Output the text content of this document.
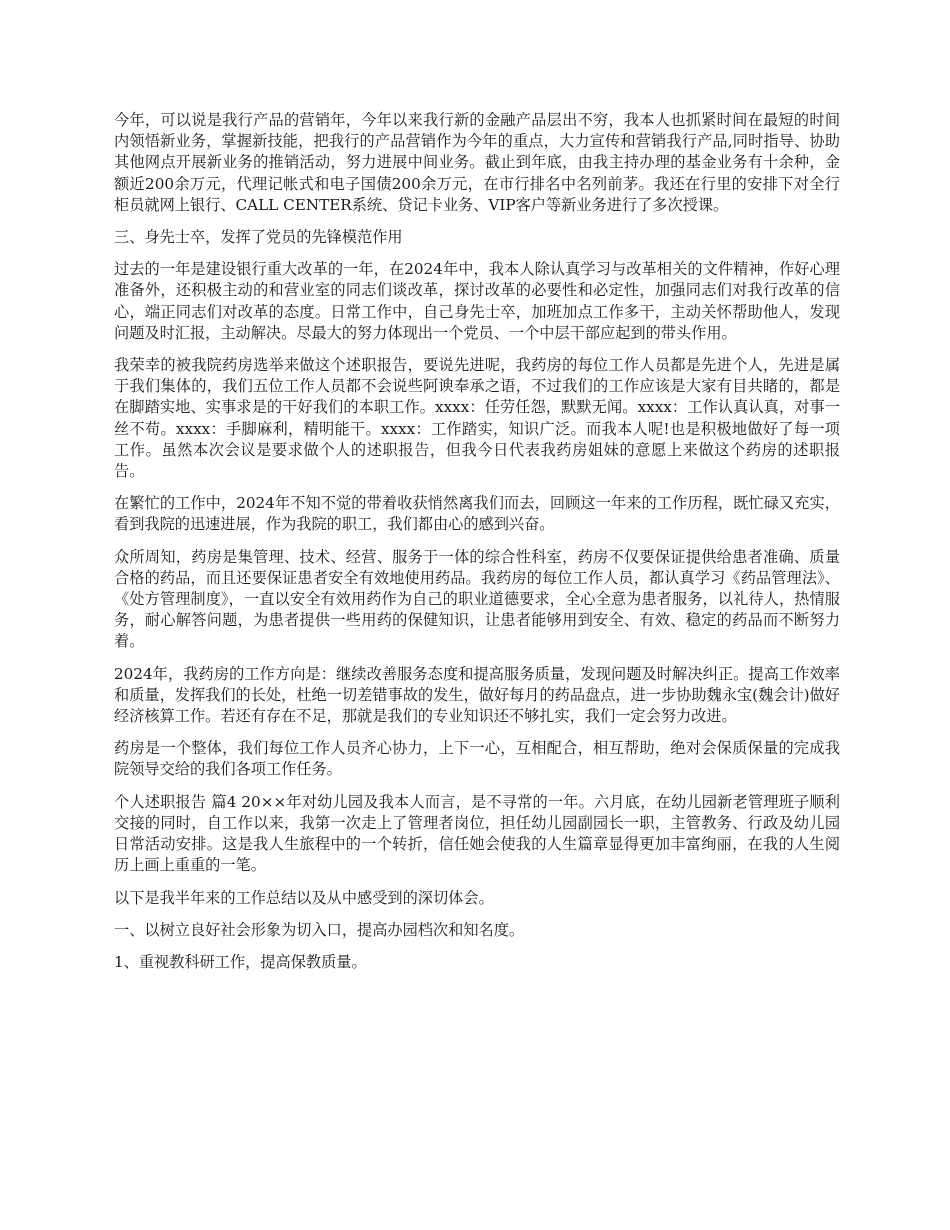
今年，可以说是我行产品的营销年，今年以来我行新的金融产品层出不穷，我本人也抓紧时间在最短的时间内领悟新业务，掌握新技能，把我行的产品营销作为今年的重点，大力宣传和营销我行产品,同时指导、协助其他网点开展新业务的推销活动，努力进展中间业务。截止到年底，由我主持办理的基金业务有十余种，金额近200余万元，代理记帐式和电子国债200余万元，在市行排名中名列前茅。我还在行里的安排下对全行柜员就网上银行、CALL CENTER系统、贷记卡业务、VIP客户等新业务进行了多次授课。

三、身先士卒，发挥了党员的先锋模范作用

过去的一年是建设银行重大改革的一年，在2024年中，我本人除认真学习与改革相关的文件精神，作好心理准备外，还积极主动的和营业室的同志们谈改革，探讨改革的必要性和必定性，加强同志们对我行改革的信心，端正同志们对改革的态度。日常工作中，自己身先士卒，加班加点工作多干，主动关怀帮助他人，发现问题及时汇报，主动解决。尽最大的努力体现出一个党员、一个中层干部应起到的带头作用。

我荣幸的被我院药房选举来做这个述职报告，要说先进呢，我药房的每位工作人员都是先进个人，先进是属于我们集体的，我们五位工作人员都不会说些阿谀奉承之语，不过我们的工作应该是大家有目共睹的，都是在脚踏实地、实事求是的干好我们的本职工作。xxxx：任劳任怨，默默无闻。xxxx：工作认真认真，对事一丝不苟。xxxx：手脚麻利，精明能干。xxxx：工作踏实，知识广泛。而我本人呢!也是积极地做好了每一项工作。虽然本次会议是要求做个人的述职报告，但我今日代表我药房姐妹的意愿上来做这个药房的述职报告。

在繁忙的工作中，2024年不知不觉的带着收获悄然离我们而去，回顾这一年来的工作历程，既忙碌又充实，看到我院的迅速进展，作为我院的职工，我们都由心的感到兴奋。

众所周知，药房是集管理、技术、经营、服务于一体的综合性科室，药房不仅要保证提供给患者准确、质量合格的药品，而且还要保证患者安全有效地使用药品。我药房的每位工作人员，都认真学习《药品管理法》、《处方管理制度》，一直以安全有效用药作为自己的职业道德要求，全心全意为患者服务，以礼待人，热情服务，耐心解答问题，为患者提供一些用药的保健知识，让患者能够用到安全、有效、稳定的药品而不断努力着。

2024年，我药房的工作方向是：继续改善服务态度和提高服务质量，发现问题及时解决纠正。提高工作效率和质量，发挥我们的长处，杜绝一切差错事故的发生，做好每月的药品盘点，进一步协助魏永宝(魏会计)做好经济核算工作。若还有存在不足，那就是我们的专业知识还不够扎实，我们一定会努力改进。

药房是一个整体，我们每位工作人员齐心协力，上下一心，互相配合，相互帮助，绝对会保质保量的完成我院领导交给的我们各项工作任务。

个人述职报告 篇4 20××年对幼儿园及我本人而言，是不寻常的一年。六月底，在幼儿园新老管理班子顺利交接的同时，自工作以来，我第一次走上了管理者岗位，担任幼儿园副园长一职，主管教务、行政及幼儿园日常活动安排。这是我人生旅程中的一个转折，信任她会使我的人生篇章显得更加丰富绚丽，在我的人生阅历上画上重重的一笔。

以下是我半年来的工作总结以及从中感受到的深切体会。

一、以树立良好社会形象为切入口，提高办园档次和知名度。

1、重视教科研工作，提高保教质量。
